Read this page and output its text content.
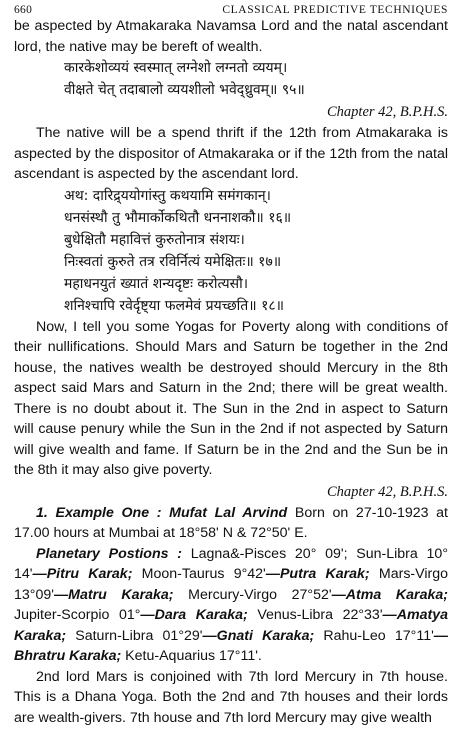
660	CLASSICAL PREDICTIVE TECHNIQUES

be aspected by Atmakaraka Navamsa Lord and the natal ascendant lord, the native may be bereft of wealth.

कारकेशोव्ययं स्वस्मात् लग्नेशो लग्नतो व्ययम्।
वीक्षते चेत् तदाबालो व्ययशीलो भवेद्ध्रुवम्॥ ९५॥
Chapter 42, B.P.H.S.

The native will be a spend thrift if the 12th from Atmakaraka is aspected by the dispositor of Atmakaraka or if the 12th from the natal ascendant is aspected by the ascendant lord.

अथ: दारिद्र्ययोगांस्तु कथयामि समंगकान्।
धनसंस्थौ तु भौमार्कोकथितौ धननाशकौ॥ १६॥
बुधेक्षितौ महावित्तं कुरुतोनात्र संशयः।
निःस्वतां कुरुते तत्र रविर्नित्यं यमेक्षितः॥ १७॥
महाधनयुतं ख्यातं शन्यदृष्टः करोत्यसौ।
शनिश्चापि रवेर्दृष्ट्या फलमेवं प्रयच्छति॥ १८॥

Now, I tell you some Yogas for Poverty along with conditions of their nullifications. Should Mars and Saturn be together in the 2nd house, the natives wealth be destroyed should Mercury in the 8th aspect said Mars and Saturn in the 2nd; there will be great wealth. There is no doubt about it. The Sun in the 2nd in aspect to Saturn will cause penury while the Sun in the 2nd if not aspected by Saturn will give wealth and fame. If Saturn be in the 2nd and the Sun be in the 8th it may also give poverty.

Chapter 42, B.P.H.S.

1. Example One : Mufat Lal Arvind Born on 27-10-1923 at 17.00 hours at Mumbai at 18°58' N & 72°50' E.

Planetary Postions : Lagna&-Pisces 20° 09'; Sun-Libra 10° 14'—Pitru Karak; Moon-Taurus 9°42'—Putra Karak; Mars-Virgo 13°09'—Matru Karaka; Mercury-Virgo 27°52'—Atma Karaka; Jupiter-Scorpio 01°—Dara Karaka; Venus-Libra 22°33'—Amatya Karaka; Saturn-Libra 01°29'—Gnati Karaka; Rahu-Leo 17°11'—Bhratru Karaka; Ketu-Aquarius 17°11'.

2nd lord Mars is conjoined with 7th lord Mercury in 7th house. This is a Dhana Yoga. Both the 2nd and 7th houses and their lords are wealth-givers. 7th house and 7th lord Mercury may give wealth
